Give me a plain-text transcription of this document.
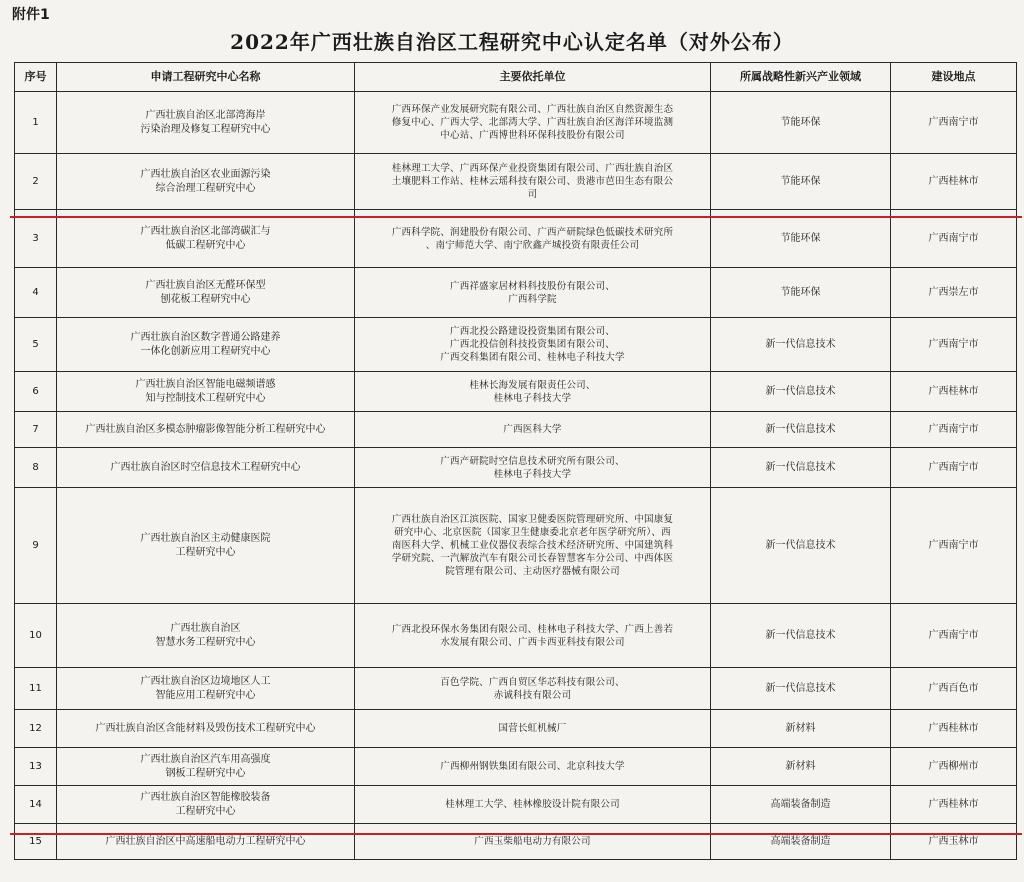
附件1
2022年广西壮族自治区工程研究中心认定名单（对外公布）
序号	申请工程研究中心名称	主要依托单位	所属战略性新兴产业领域	建设地点
1	广西壮族自治区北部湾海岸
污染治理及修复工程研究中心	广西环保产业发展研究院有限公司、广西壮族自治区自然资源生态
修复中心、广西大学、北部湾大学、广西壮族自治区海洋环境监测
中心站、广西博世科环保科技股份有限公司	节能环保	广西南宁市
2	广西壮族自治区农业面源污染
综合治理工程研究中心	桂林理工大学、广西环保产业投资集团有限公司、广西壮族自治区
土壤肥料工作站、桂林云瑶科技有限公司、贵港市芭田生态有限公
司	节能环保	广西桂林市
3	广西壮族自治区北部湾碳汇与
低碳工程研究中心	广西科学院、润建股份有限公司、广西产研院绿色低碳技术研究所
、南宁师范大学、南宁欣鑫产城投资有限责任公司	节能环保	广西南宁市
4	广西壮族自治区无醛环保型
刨花板工程研究中心	广西祥盛家居材料科技股份有限公司、
广西科学院	节能环保	广西崇左市
5	广西壮族自治区数字普通公路建养
一体化创新应用工程研究中心	广西北投公路建设投资集团有限公司、
广西北投信创科技投资集团有限公司、
广西交科集团有限公司、桂林电子科技大学	新一代信息技术	广西南宁市
6	广西壮族自治区智能电磁频谱感
知与控制技术工程研究中心	桂林长海发展有限责任公司、
桂林电子科技大学	新一代信息技术	广西桂林市
7	广西壮族自治区多模态肿瘤影像智能分析工程研究中心	广西医科大学	新一代信息技术	广西南宁市
8	广西壮族自治区时空信息技术工程研究中心	广西产研院时空信息技术研究所有限公司、
桂林电子科技大学	新一代信息技术	广西南宁市
9	广西壮族自治区主动健康医院
工程研究中心	广西壮族自治区江滨医院、国家卫健委医院管理研究所、中国康复
研究中心、北京医院（国家卫生健康委北京老年医学研究所）、西
南医科大学、机械工业仪器仪表综合技术经济研究所、中国建筑科
学研究院、一汽解放汽车有限公司长春智慧客车分公司、中西体医
院管理有限公司、主动医疗器械有限公司	新一代信息技术	广西南宁市
10	广西壮族自治区
智慧水务工程研究中心	广西北投环保水务集团有限公司、桂林电子科技大学、广西上善若
水发展有限公司、广西卡西亚科技有限公司	新一代信息技术	广西南宁市
11	广西壮族自治区边境地区人工
智能应用工程研究中心	百色学院、广西自贸区华芯科技有限公司、
赤诚科技有限公司	新一代信息技术	广西百色市
12	广西壮族自治区含能材料及毁伤技术工程研究中心	国营长虹机械厂	新材料	广西桂林市
13	广西壮族自治区汽车用高强度
钢板工程研究中心	广西柳州钢铁集团有限公司、北京科技大学	新材料	广西柳州市
14	广西壮族自治区智能橡胶装备
工程研究中心	桂林理工大学、桂林橡胶设计院有限公司	高端装备制造	广西桂林市
15	广西壮族自治区中高速船电动力工程研究中心	广西玉柴船电动力有限公司	高端装备制造	广西玉林市
